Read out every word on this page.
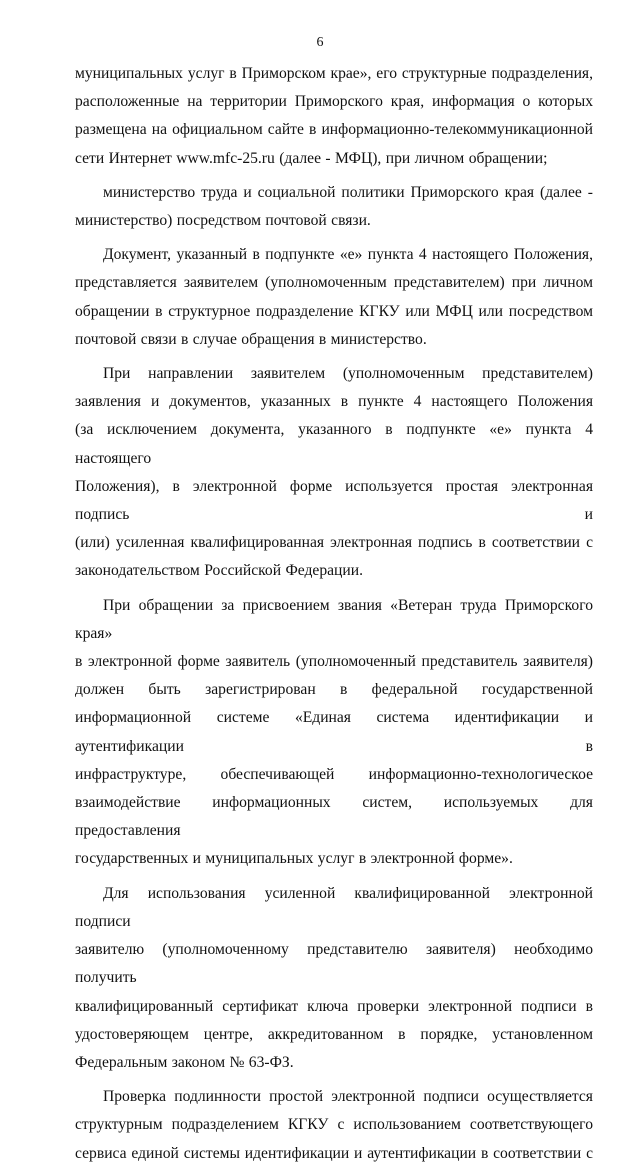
6

муниципальных услуг в Приморском крае», его структурные подразделения,

расположенные на территории Приморского края, информация о которых

размещена на официальном сайте в информационно-телекоммуникационной

сети Интернет www.mfc-25.ru (далее - МФЦ), при личном обращении;

министерство труда и социальной политики Приморского края (далее -

министерство) посредством почтовой связи.

Документ, указанный в подпункте «е» пункта 4 настоящего Положения,

представляется заявителем (уполномоченным представителем) при личном

обращении в структурное подразделение КГКУ или МФЦ или посредством

почтовой связи в случае обращения в министерство.

При направлении заявителем (уполномоченным представителем)

заявления и документов, указанных в пункте 4 настоящего Положения

(за исключением документа, указанного в подпункте «е» пункта 4 настоящего

Положения), в электронной форме используется простая электронная подпись и

(или) усиленная квалифицированная электронная подпись в соответствии с

законодательством Российской Федерации.

При обращении за присвоением звания «Ветеран труда Приморского края»

в электронной форме заявитель (уполномоченный представитель заявителя)

должен быть зарегистрирован в федеральной государственной

информационной системе «Единая система идентификации и аутентификации в

инфраструктуре, обеспечивающей информационно-технологическое

взаимодействие информационных систем, используемых для предоставления

государственных и муниципальных услуг в электронной форме».

Для использования усиленной квалифицированной электронной подписи

заявителю (уполномоченному представителю заявителя) необходимо получить

квалифицированный сертификат ключа проверки электронной подписи в

удостоверяющем центре, аккредитованном в порядке, установленном

Федеральным законом № 63-ФЗ.

Проверка подлинности простой электронной подписи осуществляется

структурным подразделением КГКУ с использованием соответствующего

сервиса единой системы идентификации и аутентификации в соответствии с
